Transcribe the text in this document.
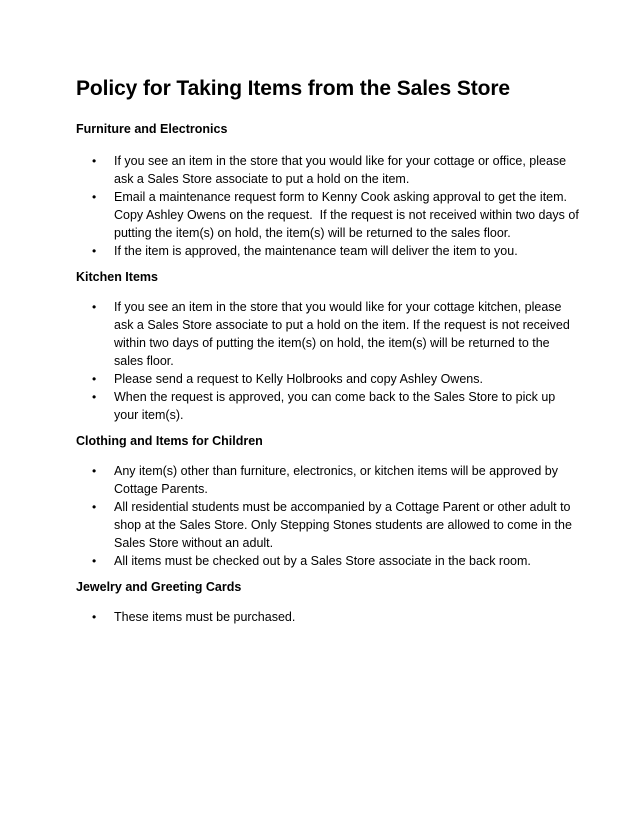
Policy for Taking Items from the Sales Store
Furniture and Electronics
• If you see an item in the store that you would like for your cottage or office, please ask a Sales Store associate to put a hold on the item.
• Email a maintenance request form to Kenny Cook asking approval to get the item.  Copy Ashley Owens on the request.  If the request is not received within two days of putting the item(s) on hold, the item(s) will be returned to the sales floor.
• If the item is approved, the maintenance team will deliver the item to you.
Kitchen Items
• If you see an item in the store that you would like for your cottage kitchen, please ask a Sales Store associate to put a hold on the item. If the request is not received within two days of putting the item(s) on hold, the item(s) will be returned to the sales floor.
• Please send a request to Kelly Holbrooks and copy Ashley Owens.
• When the request is approved, you can come back to the Sales Store to pick up your item(s).
Clothing and Items for Children
• Any item(s) other than furniture, electronics, or kitchen items will be approved by Cottage Parents.
• All residential students must be accompanied by a Cottage Parent or other adult to shop at the Sales Store. Only Stepping Stones students are allowed to come in the Sales Store without an adult.
• All items must be checked out by a Sales Store associate in the back room.
Jewelry and Greeting Cards
• These items must be purchased.
